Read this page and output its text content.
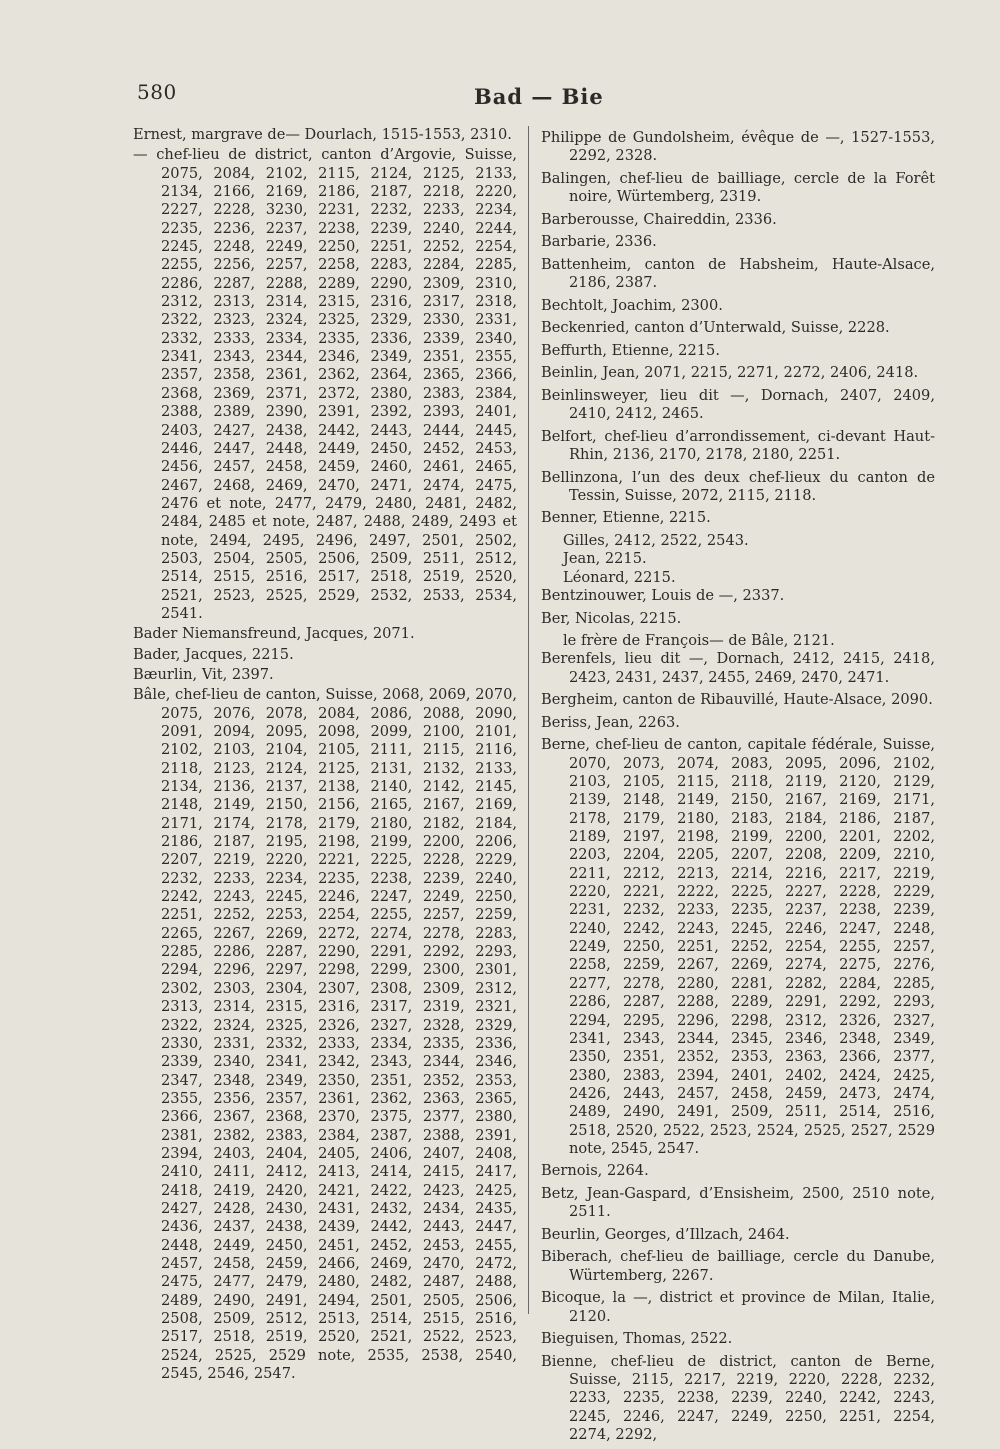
580	Bad — Bie

Ernest, margrave de— Dourlach, 1515-1553, 2310.

— chef-lieu de district, canton d’Argovie, Suisse, 2075, 2084, 2102, 2115, 2124, 2125, 2133, 2134, 2166, 2169, 2186, 2187, 2218, 2220, 2227, 2228, 3230, 2231, 2232, 2233, 2234, 2235, 2236, 2237, 2238, 2239, 2240, 2244, 2245, 2248, 2249, 2250, 2251, 2252, 2254, 2255, 2256, 2257, 2258, 2283, 2284, 2285, 2286, 2287, 2288, 2289, 2290, 2309, 2310, 2312, 2313, 2314, 2315, 2316, 2317, 2318, 2322, 2323, 2324, 2325, 2329, 2330, 2331, 2332, 2333, 2334, 2335, 2336, 2339, 2340, 2341, 2343, 2344, 2346, 2349, 2351, 2355, 2357, 2358, 2361, 2362, 2364, 2365, 2366, 2368, 2369, 2371, 2372, 2380, 2383, 2384, 2388, 2389, 2390, 2391, 2392, 2393, 2401, 2403, 2427, 2438, 2442, 2443, 2444, 2445, 2446, 2447, 2448, 2449, 2450, 2452, 2453, 2456, 2457, 2458, 2459, 2460, 2461, 2465, 2467, 2468, 2469, 2470, 2471, 2474, 2475, 2476 et note, 2477, 2479, 2480, 2481, 2482, 2484, 2485 et note, 2487, 2488, 2489, 2493 et note, 2494, 2495, 2496, 2497, 2501, 2502, 2503, 2504, 2505, 2506, 2509, 2511, 2512, 2514, 2515, 2516, 2517, 2518, 2519, 2520, 2521, 2523, 2525, 2529, 2532, 2533, 2534, 2541.

Bader Niemansfreund, Jacques, 2071.

Bader, Jacques, 2215.

Bæurlin, Vit, 2397.

Bâle, chef-lieu de canton, Suisse, 2068, 2069, 2070, 2075, 2076, 2078, 2084, 2086, 2088, 2090, 2091, 2094, 2095, 2098, 2099, 2100, 2101, 2102, 2103, 2104, 2105, 2111, 2115, 2116, 2118, 2123, 2124, 2125, 2131, 2132, 2133, 2134, 2136, 2137, 2138, 2140, 2142, 2145, 2148, 2149, 2150, 2156, 2165, 2167, 2169, 2171, 2174, 2178, 2179, 2180, 2182, 2184, 2186, 2187, 2195, 2198, 2199, 2200, 2206, 2207, 2219, 2220, 2221, 2225, 2228, 2229, 2232, 2233, 2234, 2235, 2238, 2239, 2240, 2242, 2243, 2245, 2246, 2247, 2249, 2250, 2251, 2252, 2253, 2254, 2255, 2257, 2259, 2265, 2267, 2269, 2272, 2274, 2278, 2283, 2285, 2286, 2287, 2290, 2291, 2292, 2293, 2294, 2296, 2297, 2298, 2299, 2300, 2301, 2302, 2303, 2304, 2307, 2308, 2309, 2312, 2313, 2314, 2315, 2316, 2317, 2319, 2321, 2322, 2324, 2325, 2326, 2327, 2328, 2329, 2330, 2331, 2332, 2333, 2334, 2335, 2336, 2339, 2340, 2341, 2342, 2343, 2344, 2346, 2347, 2348, 2349, 2350, 2351, 2352, 2353, 2355, 2356, 2357, 2361, 2362, 2363, 2365, 2366, 2367, 2368, 2370, 2375, 2377, 2380, 2381, 2382, 2383, 2384, 2387, 2388, 2391, 2394, 2403, 2404, 2405, 2406, 2407, 2408, 2410, 2411, 2412, 2413, 2414, 2415, 2417, 2418, 2419, 2420, 2421, 2422, 2423, 2425, 2427, 2428, 2430, 2431, 2432, 2434, 2435, 2436, 2437, 2438, 2439, 2442, 2443, 2447, 2448, 2449, 2450, 2451, 2452, 2453, 2455, 2457, 2458, 2459, 2466, 2469, 2470, 2472, 2475, 2477, 2479, 2480, 2482, 2487, 2488, 2489, 2490, 2491, 2494, 2501, 2505, 2506, 2508, 2509, 2512, 2513, 2514, 2515, 2516, 2517, 2518, 2519, 2520, 2521, 2522, 2523, 2524, 2525, 2529 note, 2535, 2538, 2540, 2545, 2546, 2547.

Philippe de Gundolsheim, évêque de —, 1527-1553, 2292, 2328.

Balingen, chef-lieu de bailliage, cercle de la Forêt noire, Würtemberg, 2319.

Barberousse, Chaireddin, 2336.

Barbarie, 2336.

Battenheim, canton de Habsheim, Haute-Alsace, 2186, 2387.

Bechtolt, Joachim, 2300.

Beckenried, canton d’Unterwald, Suisse, 2228.

Beffurth, Etienne, 2215.

Beinlin, Jean, 2071, 2215, 2271, 2272, 2406, 2418.

Beinlinsweyer, lieu dit —, Dornach, 2407, 2409, 2410, 2412, 2465.

Belfort, chef-lieu d’arrondissement, ci-devant Haut-Rhin, 2136, 2170, 2178, 2180, 2251.

Bellinzona, l’un des deux chef-lieux du canton de Tessin, Suisse, 2072, 2115, 2118.

Benner, Etienne, 2215.

Gilles, 2412, 2522, 2543.

Jean, 2215.

Léonard, 2215.

Bentzinouwer, Louis de —, 2337.

Ber, Nicolas, 2215.

le frère de François— de Bâle, 2121.

Berenfels, lieu dit —, Dornach, 2412, 2415, 2418, 2423, 2431, 2437, 2455, 2469, 2470, 2471.

Bergheim, canton de Ribauvillé, Haute-Alsace, 2090.

Beriss, Jean, 2263.

Berne, chef-lieu de canton, capitale fédérale, Suisse, 2070, 2073, 2074, 2083, 2095, 2096, 2102, 2103, 2105, 2115, 2118, 2119, 2120, 2129, 2139, 2148, 2149, 2150, 2167, 2169, 2171, 2178, 2179, 2180, 2183, 2184, 2186, 2187, 2189, 2197, 2198, 2199, 2200, 2201, 2202, 2203, 2204, 2205, 2207, 2208, 2209, 2210, 2211, 2212, 2213, 2214, 2216, 2217, 2219, 2220, 2221, 2222, 2225, 2227, 2228, 2229, 2231, 2232, 2233, 2235, 2237, 2238, 2239, 2240, 2242, 2243, 2245, 2246, 2247, 2248, 2249, 2250, 2251, 2252, 2254, 2255, 2257, 2258, 2259, 2267, 2269, 2274, 2275, 2276, 2277, 2278, 2280, 2281, 2282, 2284, 2285, 2286, 2287, 2288, 2289, 2291, 2292, 2293, 2294, 2295, 2296, 2298, 2312, 2326, 2327, 2341, 2343, 2344, 2345, 2346, 2348, 2349, 2350, 2351, 2352, 2353, 2363, 2366, 2377, 2380, 2383, 2394, 2401, 2402, 2424, 2425, 2426, 2443, 2457, 2458, 2459, 2473, 2474, 2489, 2490, 2491, 2509, 2511, 2514, 2516, 2518, 2520, 2522, 2523, 2524, 2525, 2527, 2529 note, 2545, 2547.

Bernois, 2264.

Betz, Jean-Gaspard, d’Ensisheim, 2500, 2510 note, 2511.

Beurlin, Georges, d’Illzach, 2464.

Biberach, chef-lieu de bailliage, cercle du Danube, Würtemberg, 2267.

Bicoque, la —, district et province de Milan, Italie, 2120.

Bieguisen, Thomas, 2522.

Bienne, chef-lieu de district, canton de Berne, Suisse, 2115, 2217, 2219, 2220, 2228, 2232, 2233, 2235, 2238, 2239, 2240, 2242, 2243, 2245, 2246, 2247, 2249, 2250, 2251, 2254, 2274, 2292,
